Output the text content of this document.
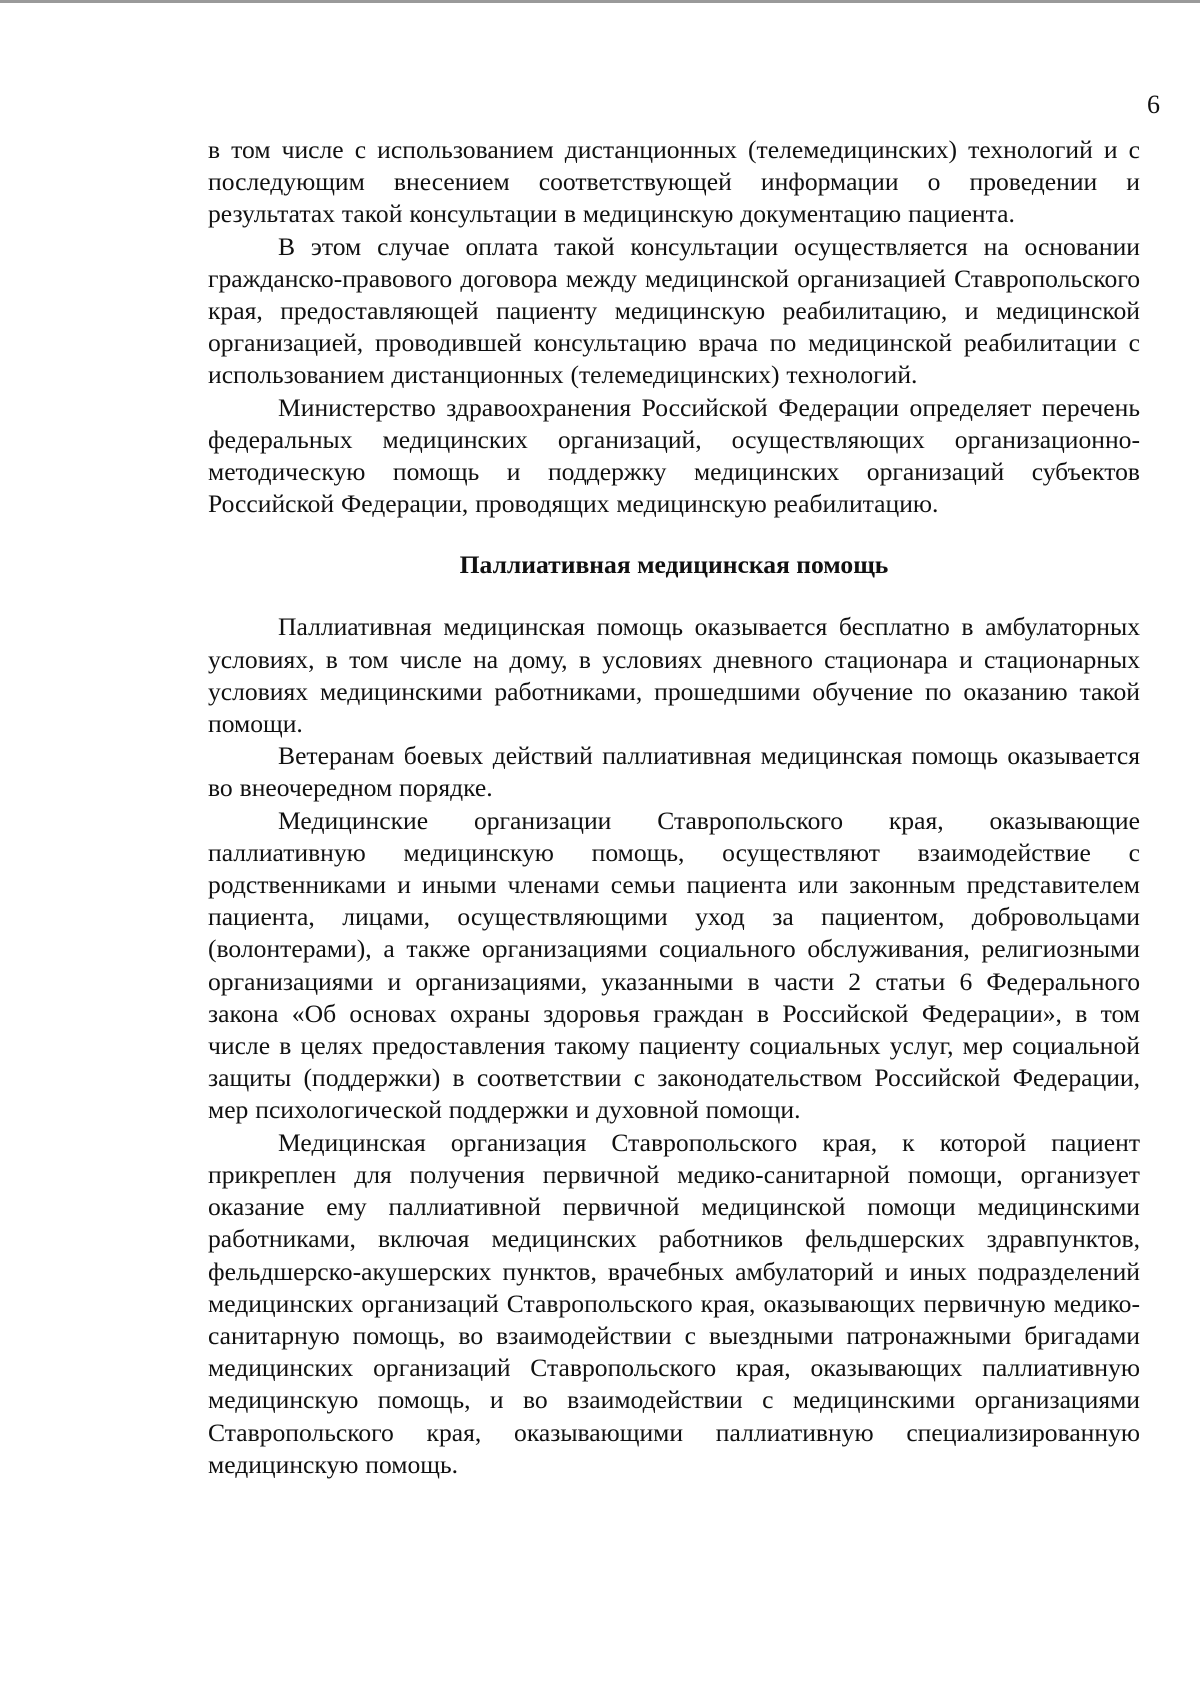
6

в том числе с использованием дистанционных (телемедицинских) технологий и с последующим внесением соответствующей информации о проведении и результатах такой консультации в медицинскую документацию пациента.

В этом случае оплата такой консультации осуществляется на основании гражданско-правового договора между медицинской организацией Ставропольского края, предоставляющей пациенту медицинскую реабилитацию, и медицинской организацией, проводившей консультацию врача по медицинской реабилитации с использованием дистанционных (телемедицинских) технологий.

Министерство здравоохранения Российской Федерации определяет перечень федеральных медицинских организаций, осуществляющих организационно-методическую помощь и поддержку медицинских организаций субъектов Российской Федерации, проводящих медицинскую реабилитацию.

Паллиативная медицинская помощь

Паллиативная медицинская помощь оказывается бесплатно в амбулаторных условиях, в том числе на дому, в условиях дневного стационара и стационарных условиях медицинскими работниками, прошедшими обучение по оказанию такой помощи.

Ветеранам боевых действий паллиативная медицинская помощь оказывается во внеочередном порядке.

Медицинские организации Ставропольского края, оказывающие паллиативную медицинскую помощь, осуществляют взаимодействие с родственниками и иными членами семьи пациента или законным представителем пациента, лицами, осуществляющими уход за пациентом, добровольцами (волонтерами), а также организациями социального обслуживания, религиозными организациями и организациями, указанными в части 2 статьи 6 Федерального закона «Об основах охраны здоровья граждан в Российской Федерации», в том числе в целях предоставления такому пациенту социальных услуг, мер социальной защиты (поддержки) в соответствии с законодательством Российской Федерации, мер психологической поддержки и духовной помощи.

Медицинская организация Ставропольского края, к которой пациент прикреплен для получения первичной медико-санитарной помощи, организует оказание ему паллиативной первичной медицинской помощи медицинскими работниками, включая медицинских работников фельдшерских здравпунктов, фельдшерско-акушерских пунктов, врачебных амбулаторий и иных подразделений медицинских организаций Ставропольского края, оказывающих первичную медико-санитарную помощь, во взаимодействии с выездными патронажными бригадами медицинских организаций Ставропольского края, оказывающих паллиативную медицинскую помощь, и во взаимодействии с медицинскими организациями Ставропольского края, оказывающими паллиативную специализированную медицинскую помощь.
